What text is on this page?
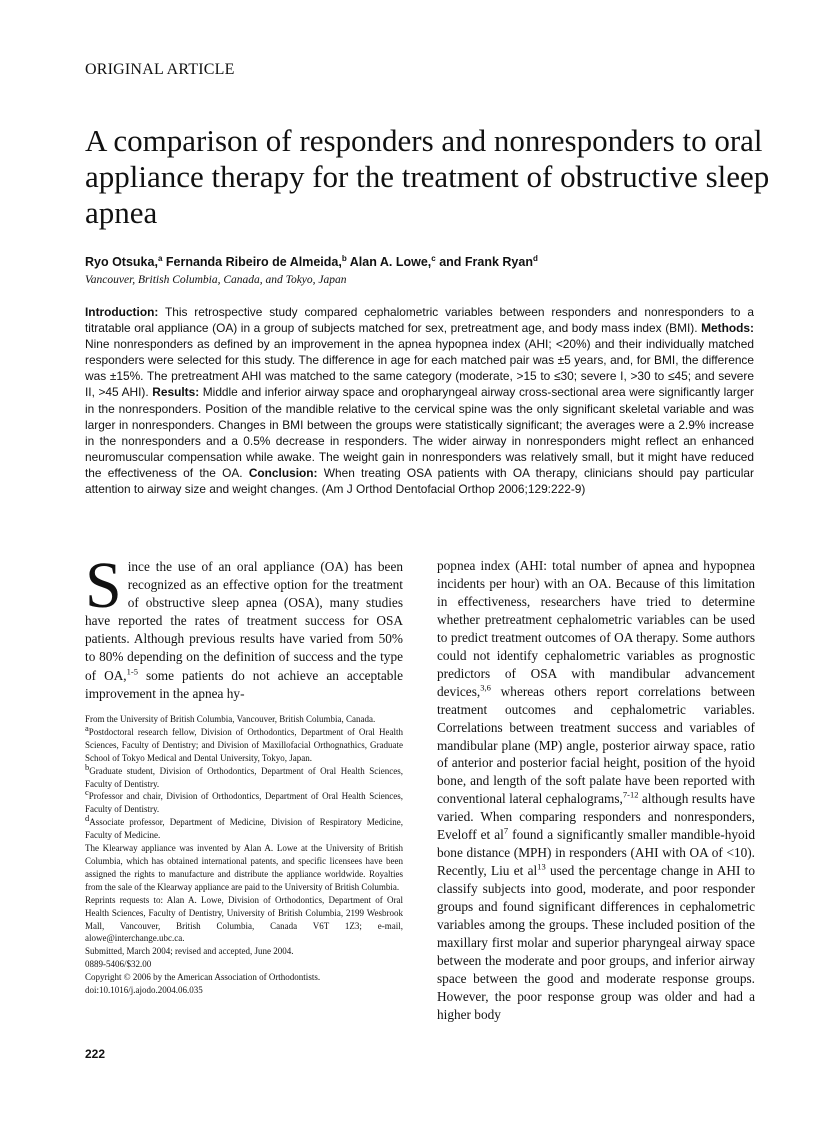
ORIGINAL ARTICLE
A comparison of responders and nonresponders to oral appliance therapy for the treatment of obstructive sleep apnea
Ryo Otsuka,$^a$ Fernanda Ribeiro de Almeida,$^b$ Alan A. Lowe,$^c$ and Frank Ryan$^d$
Vancouver, British Columbia, Canada, and Tokyo, Japan

Introduction: This retrospective study compared cephalometric variables between responders and nonresponders to a titratable oral appliance (OA) in a group of subjects matched for sex, pretreatment age, and body mass index (BMI). Methods: Nine nonresponders as defined by an improvement in the apnea hypopnea index (AHI; <20%) and their individually matched responders were selected for this study. The difference in age for each matched pair was ±5 years, and, for BMI, the difference was ±15%. The pretreatment AHI was matched to the same category (moderate, >15 to ≤30; severe I, >30 to ≤45; and severe II, >45 AHI). Results: Middle and inferior airway space and oropharyngeal airway cross-sectional area were significantly larger in the nonresponders. Position of the mandible relative to the cervical spine was the only significant skeletal variable and was larger in nonresponders. Changes in BMI between the groups were statistically significant; the averages were a 2.9% increase in the nonresponders and a 0.5% decrease in responders. The wider airway in nonresponders might reflect an enhanced neuromuscular compensation while awake. The weight gain in nonresponders was relatively small, but it might have reduced the effectiveness of the OA. Conclusion: When treating OSA patients with OA therapy, clinicians should pay particular attention to airway size and weight changes. (Am J Orthod Dentofacial Orthop 2006;129:222-9)

Since the use of an oral appliance (OA) has been recognized as an effective option for the treatment of obstructive sleep apnea (OSA), many studies have reported the rates of treatment success for OSA patients. Although previous results have varied from 50% to 80% depending on the definition of success and the type of OA,$^{1-5}$ some patients do not achieve an acceptable improvement in the apnea hy-

From the University of British Columbia, Vancouver, British Columbia, Canada.

$^a$Postdoctoral research fellow, Division of Orthodontics, Department of Oral Health Sciences, Faculty of Dentistry; and Division of Maxillofacial Orthognathics, Graduate School of Tokyo Medical and Dental University, Tokyo, Japan.

$^b$Graduate student, Division of Orthodontics, Department of Oral Health Sciences, Faculty of Dentistry.

$^c$Professor and chair, Division of Orthodontics, Department of Oral Health Sciences, Faculty of Dentistry.

$^d$Associate professor, Department of Medicine, Division of Respiratory Medicine, Faculty of Medicine.

The Klearway appliance was invented by Alan A. Lowe at the University of British Columbia, which has obtained international patents, and specific licensees have been assigned the rights to manufacture and distribute the appliance worldwide. Royalties from the sale of the Klearway appliance are paid to the University of British Columbia.

Reprints requests to: Alan A. Lowe, Division of Orthodontics, Department of Oral Health Sciences, Faculty of Dentistry, University of British Columbia, 2199 Wesbrook Mall, Vancouver, British Columbia, Canada V6T 1Z3; e-mail, alowe@interchange.ubc.ca.

Submitted, March 2004; revised and accepted, June 2004.

0889-5406/$32.00

Copyright © 2006 by the American Association of Orthodontists.

doi:10.1016/j.ajodo.2004.06.035

popnea index (AHI: total number of apnea and hypopnea incidents per hour) with an OA. Because of this limitation in effectiveness, researchers have tried to determine whether pretreatment cephalometric variables can be used to predict treatment outcomes of OA therapy. Some authors could not identify cephalometric variables as prognostic predictors of OSA with mandibular advancement devices,$^{3,6}$ whereas others report correlations between treatment outcomes and cephalometric variables. Correlations between treatment success and variables of mandibular plane (MP) angle, posterior airway space, ratio of anterior and posterior facial height, position of the hyoid bone, and length of the soft palate have been reported with conventional lateral cephalograms,$^{7-12}$ although results have varied. When comparing responders and nonresponders, Eveloff et $al^7$ found a significantly smaller mandible-hyoid bone distance (MPH) in responders (AHI with OA of <10). Recently, Liu et $al^{13}$ used the percentage change in AHI to classify subjects into good, moderate, and poor responder groups and found significant differences in cephalometric variables among the groups. These included position of the maxillary first molar and superior pharyngeal airway space between the moderate and poor groups, and inferior airway space between the good and moderate response groups. However, the poor response group was older and had a higher body

222
